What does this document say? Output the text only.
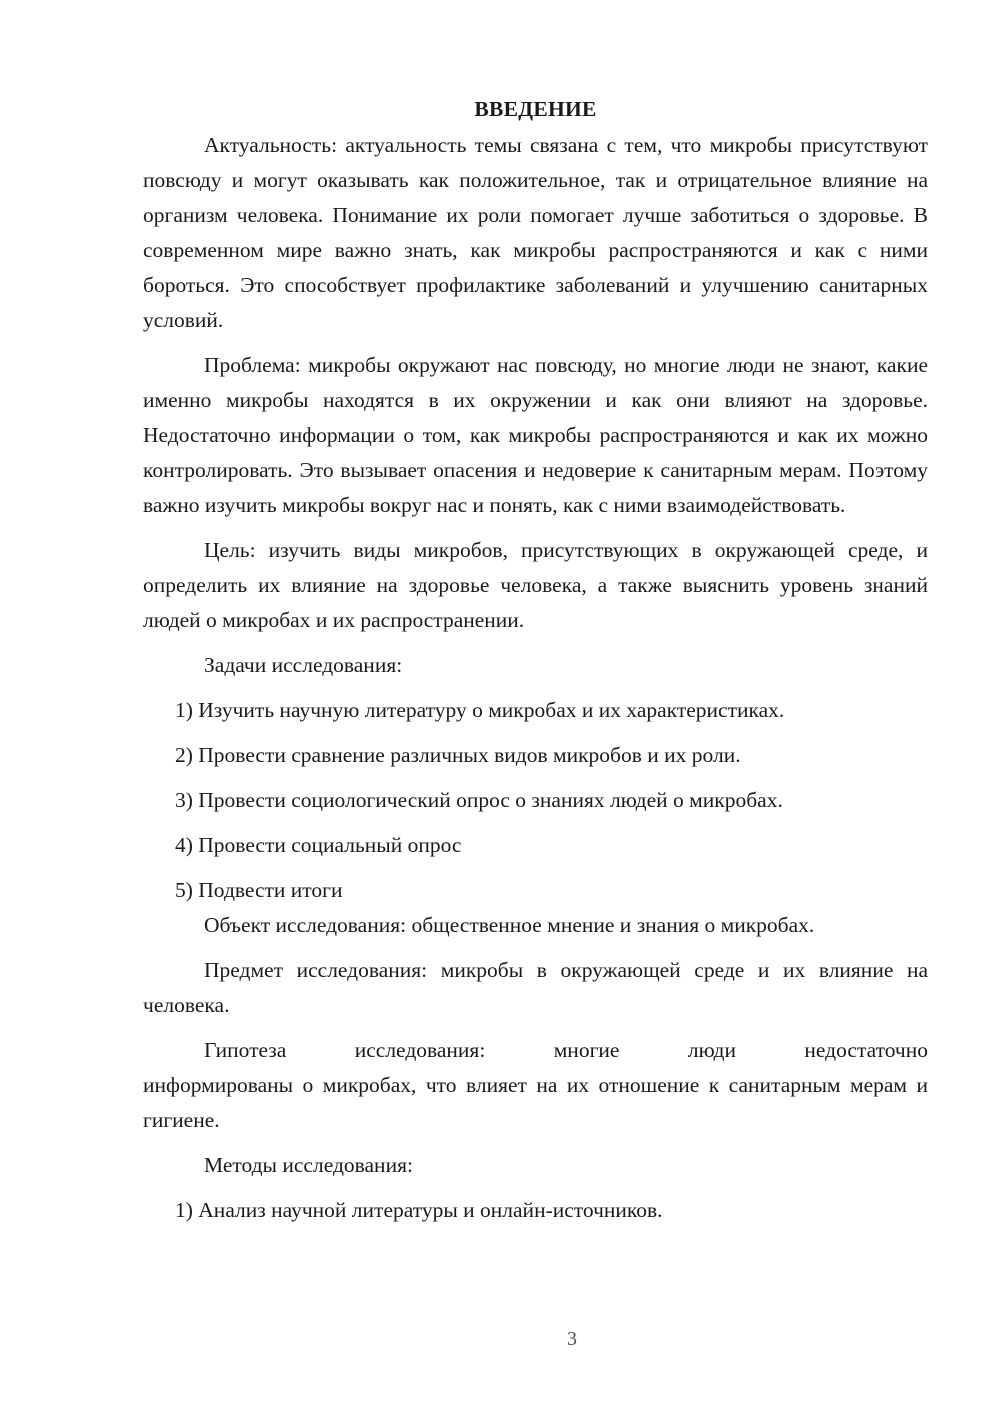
ВВЕДЕНИЕ

Актуальность: актуальность темы связана с тем, что микробы присутствуют повсюду и могут оказывать как положительное, так и отрицательное влияние на организм человека. Понимание их роли помогает лучше заботиться о здоровье. В современном мире важно знать, как микробы распространяются и как с ними бороться. Это способствует профилактике заболеваний и улучшению санитарных условий.

Проблема: микробы окружают нас повсюду, но многие люди не знают, какие именно микробы находятся в их окружении и как они влияют на здоровье. Недостаточно информации о том, как микробы распространяются и как их можно контролировать. Это вызывает опасения и недоверие к санитарным мерам. Поэтому важно изучить микробы вокруг нас и понять, как с ними взаимодействовать.

Цель: изучить виды микробов, присутствующих в окружающей среде, и определить их влияние на здоровье человека, а также выяснить уровень знаний людей о микробах и их распространении.

Задачи исследования:

1) Изучить научную литературу о микробах и их характеристиках.

2) Провести сравнение различных видов микробов и их роли.

3) Провести социологический опрос о знаниях людей о микробах.

4) Провести социальный опрос

5) Подвести итоги

Объект исследования: общественное мнение и знания о микробах.

Предмет исследования: микробы в окружающей среде и их влияние на человека.

Гипотеза	исследования:	многие	люди	недостаточно

информированы о микробах, что влияет на их отношение к санитарным мерам и гигиене.

Методы исследования:

1) Анализ научной литературы и онлайн-источников.

3
